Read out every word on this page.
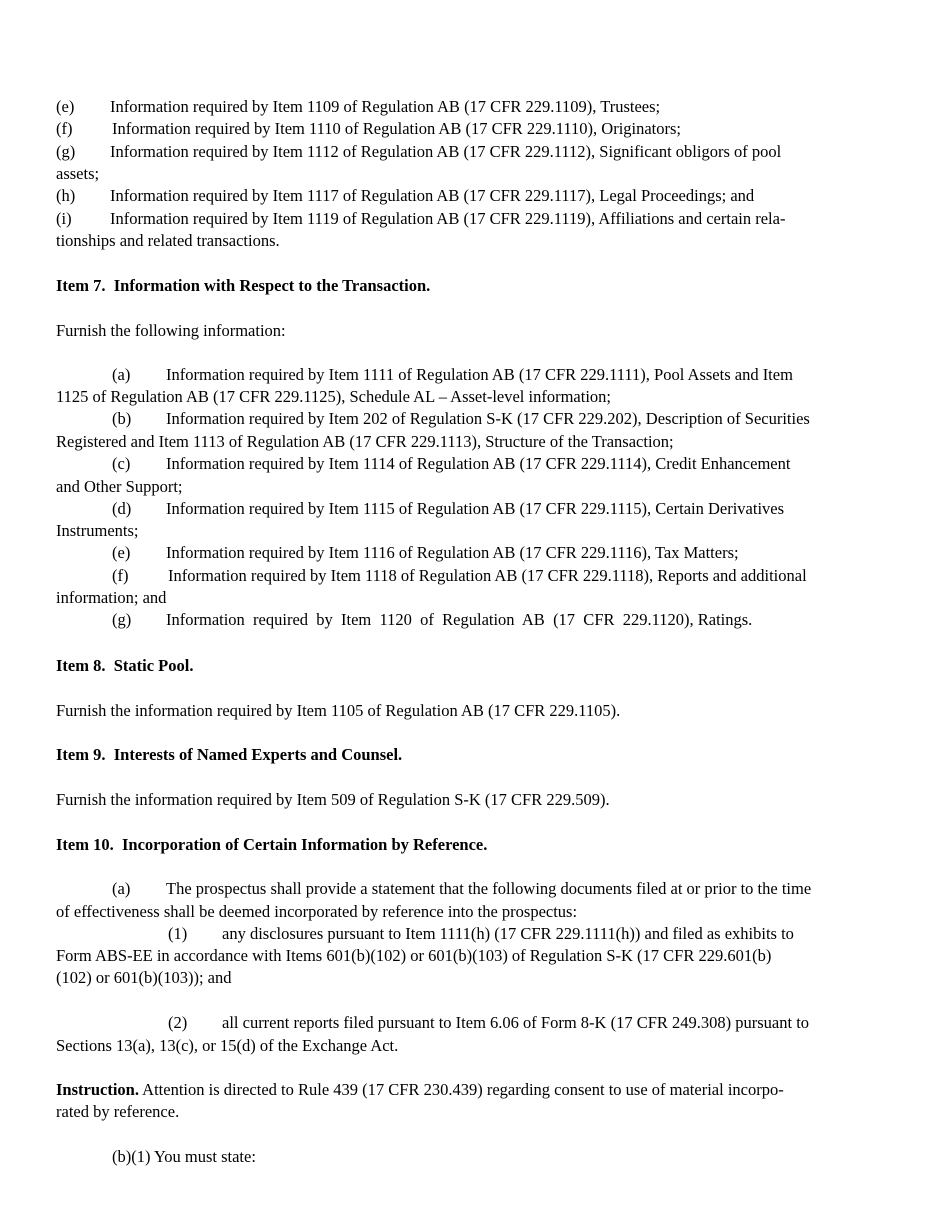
(e) Information required by Item 1109 of Regulation AB (17 CFR 229.1109), Trustees;
(f) Information required by Item 1110 of Regulation AB (17 CFR 229.1110), Originators;
(g) Information required by Item 1112 of Regulation AB (17 CFR 229.1112), Significant obligors of pool
assets;
(h) Information required by Item 1117 of Regulation AB (17 CFR 229.1117), Legal Proceedings; and
(i) Information required by Item 1119 of Regulation AB (17 CFR 229.1119), Affiliations and certain rela-
tionships and related transactions.
Item 7.  Information with Respect to the Transaction.
Furnish the following information:
(a) Information required by Item 1111 of Regulation AB (17 CFR 229.1111), Pool Assets and Item
1125 of Regulation AB (17 CFR 229.1125), Schedule AL – Asset-level information;
(b) Information required by Item 202 of Regulation S-K (17 CFR 229.202), Description of Securities
Registered and Item 1113 of Regulation AB (17 CFR 229.1113), Structure of the Transaction;
(c) Information required by Item 1114 of Regulation AB (17 CFR 229.1114), Credit Enhancement
and Other Support;
(d) Information required by Item 1115 of Regulation AB (17 CFR 229.1115), Certain Derivatives
Instruments;
(e) Information required by Item 1116 of Regulation AB (17 CFR 229.1116), Tax Matters;
(f) Information required by Item 1118 of Regulation AB (17 CFR 229.1118), Reports and additional
information; and
(g) Information  required  by  Item  1120  of  Regulation  AB  (17  CFR  229.1120), Ratings.
Item 8.  Static Pool.
Furnish the information required by Item 1105 of Regulation AB (17 CFR 229.1105).
Item 9.  Interests of Named Experts and Counsel.
Furnish the information required by Item 509 of Regulation S-K (17 CFR 229.509).
Item 10.  Incorporation of Certain Information by Reference.
(a) The prospectus shall provide a statement that the following documents filed at or prior to the time
of effectiveness shall be deemed incorporated by reference into the prospectus:
(1) any disclosures pursuant to Item 1111(h) (17 CFR 229.1111(h)) and filed as exhibits to
Form ABS-EE in accordance with Items 601(b)(102) or 601(b)(103) of Regulation S-K (17 CFR 229.601(b)
(102) or 601(b)(103)); and
(2) all current reports filed pursuant to Item 6.06 of Form 8-K (17 CFR 249.308) pursuant to
Sections 13(a), 13(c), or 15(d) of the Exchange Act.
Instruction. Attention is directed to Rule 439 (17 CFR 230.439) regarding consent to use of material incorpo-
rated by reference.
(b)(1) You must state:
